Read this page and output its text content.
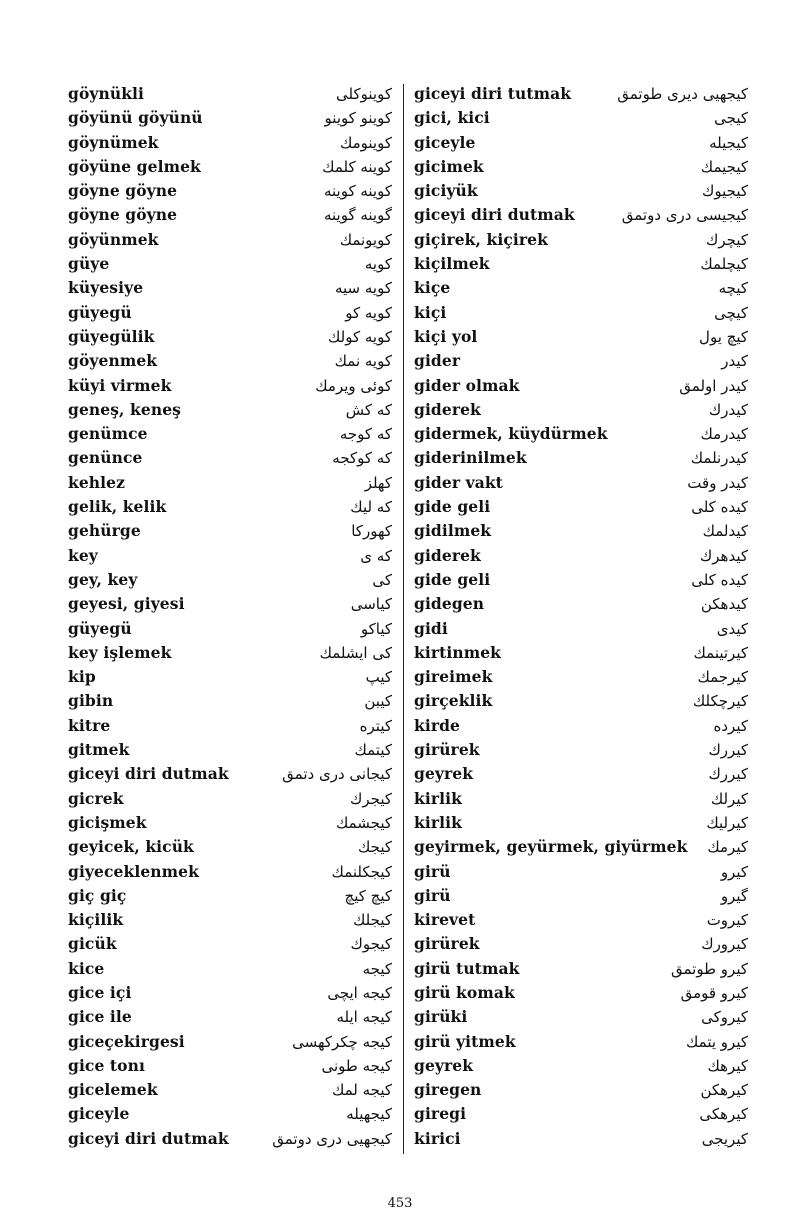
göynükli	کوینوکلی
göyünü göyünü	کوینو کوینو
göynümek	کوینومك
göyüne gelmek	کوینه کلمك
göyne göyne	کوینه کوینه
göyne göyne	گوینه گوینه
göyünmek	کویونمك
güye	کویه
küyesiye	کویه سیه
güyegü	کویه کو
güyegülik	کویه کولك
göyenmek	کویه نمك
küyi virmek	کوئی ویرمك
geneş, keneş	که کش
genümce	که کوجه
genünce	که کوکجه
kehlez	کهلز
gelik, kelik	که لیك
gehürge	کهورکا
key	که ی
gey, key	کی
geyesi, giyesi	کیاسی
güyegü	کیاکو
key işlemek	کی ایشلمك
kip	کیپ
gibin	کیبن
kitre	کیتره
gitmek	کیتمك
giceyi diri dutmak	کیجانی دری دتمق
gicrek	کیجرك
gicişmek	کیجشمك
geyicek, kicük	کیجك
giyeceklenmek	کیجکلنمك
giç giç	کیچ کیچ
kiçilik	کیجلك
gicük	کیجوك
kice	کیجه
gice içi	کیجه ایچی
gice ile	کیجه ایله
giceçekirgesi	کیجه چکرکهسی
gice tonı	کیجه طونی
gicelemek	کیجه لمك
giceyle	کیجهیله
giceyi diri dutmak	کیجهیی دری دوتمق
giceyi diri tutmak	کیجهیی دیری طوتمق
gici, kici	کیجی
giceyle	کیجیله
gicimek	کیجیمك
giciyük	کیجیوك
giceyi diri dutmak	کیجیسی دری دوتمق
giçirek, kiçirek	کیچرك
kiçilmek	کیچلمك
kiçe	کیچه
kiçi	کیچی
kiçi yol	کیچ یول
gider	کیدر
gider olmak	کیدر اولمق
giderek	کیدرك
gidermek, küydürmek	کیدرمك
giderinilmek	کیدرنلمك
gider vakt	کیدر وقت
gide geli	کیده کلی
gidilmek	کیدلمك
giderek	کیدهرك
gide geli	کیده کلی
gidegen	کیدهکن
gidi	کیدی
kirtinmek	کیرتینمك
gireimek	کیرجمك
girçeklik	کیرچکلك
kirde	کیرده
girürek	کیررك
geyrek	کیررك
kirlik	کیرلك
kirlik	کیرلیك
geyirmek, geyürmek, giyürmek کیرمك
girü	کیرو
girü	گیرو
kirevet	کیروت
girürek	کیرورك
girü tutmak	کیرو طوتمق
girü komak	کیرو قومق
girüki	کیروکی
girü yitmek	کیرو یتمك
geyrek	کیرهك
giregen	کیرهکن
giregi	کیرهکی
kirici	کیریجی
453
